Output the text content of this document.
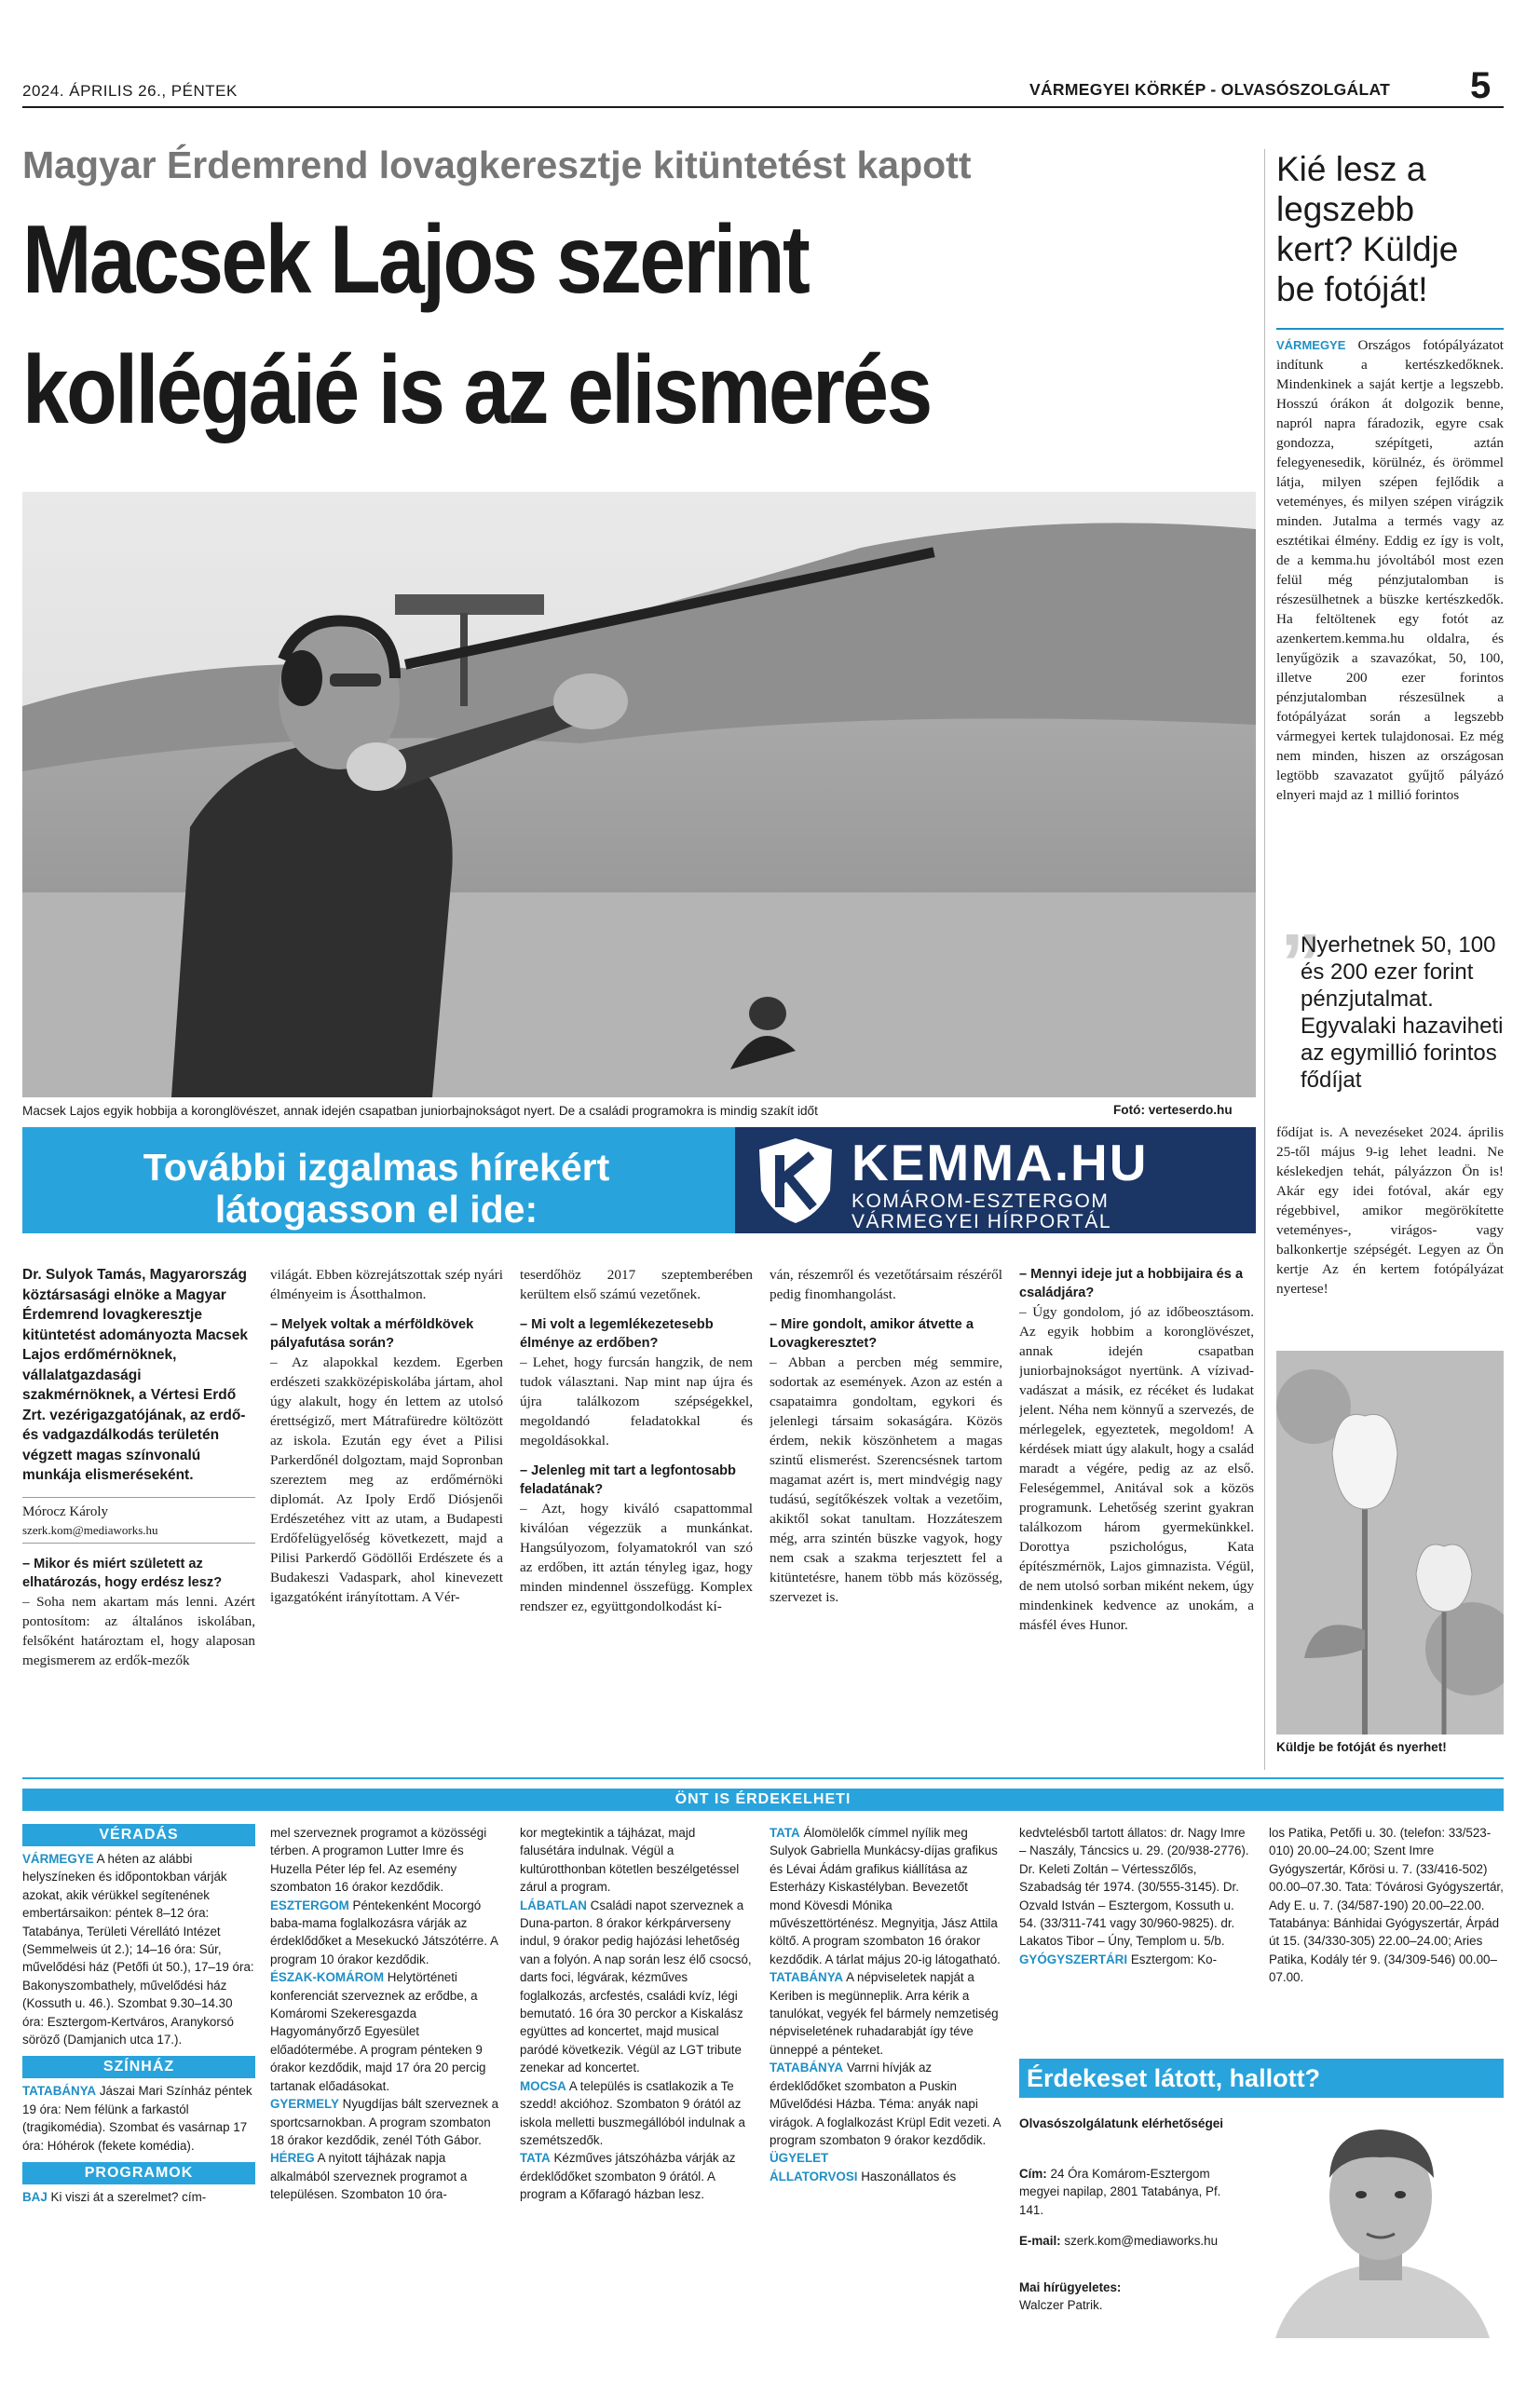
2024. ÁPRILIS 26., PÉNTEK	VÁRMEGYEI KÖRKÉP - OLVASÓSZOLGÁLAT 5
Magyar Érdemrend lovagkeresztje kitüntetést kapott
Macsek Lajos szerint
kollégáié is az elismerés
Macsek Lajos egyik hobbija a koronglövészet, annak idején csapatban juniorbajnokságot nyert. De a családi programokra is mindig szakít időt	Fotó: verteserdo.hu
További izgalmas hírekért
látogasson el ide:
KEMMA.HU
KOMÁROM-ESZTERGOM
VÁRMEGYEI HÍRPORTÁL

Dr. Sulyok Tamás, Magyarország köztársasági elnöke a Magyar Érdemrend lovagkeresztje kitüntetést adományozta Macsek Lajos erdőmérnöknek, vállalatgazdasági szakmérnöknek, a Vértesi Erdő Zrt. vezérigazgatójának, az erdő- és vadgazdálkodás területén végzett magas színvonalú munkája elismeréseként.

Mórocz Károly

szerk.kom@mediaworks.hu

– Mikor és miért született az elhatározás, hogy erdész lesz?

– Soha nem akartam más lenni. Azért pontosítom: az általános iskolában, felsőként határoztam el, hogy alaposan megismerem az erdők-mezők

világát. Ebben közrejátszottak szép nyári élményeim is Ásotthalmon.

– Melyek voltak a mérföldkövek pályafutása során?

– Az alapokkal kezdem. Egerben erdészeti szakközépiskolába jártam, ahol úgy alakult, hogy én lettem az utolsó érettségiző, mert Mátrafüredre költözött az iskola. Ezután egy évet a Pilisi Parkerdőnél dolgoztam, majd Sopronban szereztem meg az erdőmérnöki diplomát. Az Ipoly Erdő Diósjenői Erdészetéhez vitt az utam, a Budapesti Erdőfelügyelőség következett, majd a Pilisi Parkerdő Gödöllői Erdészete és a Budakeszi Vadaspark, ahol kinevezett igazgatóként irányítottam. A Vér-

teserdőhöz 2017 szeptemberében kerültem első számú vezetőnek.

– Mi volt a legemlékezetesebb élménye az erdőben?

– Lehet, hogy furcsán hangzik, de nem tudok választani. Nap mint nap újra és újra találkozom szépségekkel, megoldandó feladatokkal és megoldásokkal.

– Jelenleg mit tart a legfontosabb feladatának?

– Azt, hogy kiváló csapattommal kiválóan végezzük a munkánkat. Hangsúlyozom, folyamatokról van szó az erdőben, itt aztán tényleg igaz, hogy minden mindennel összefügg. Komplex rendszer ez, együttgondolkodást kí-

ván, részemről és vezetőtársaim részéről pedig finomhangolást.

– Mire gondolt, amikor átvette a Lovagkeresztet?

– Abban a percben még semmire, sodortak az események. Azon az estén a csapataimra gondoltam, egykori és jelenlegi társaim sokaságára. Közös érdem, nekik köszönhetem a magas szintű elismerést. Szerencsésnek tartom magamat azért is, mert mindvégig nagy tudású, segítőkészek voltak a vezetőim, akiktől sokat tanultam. Hozzáteszem még, arra szintén büszke vagyok, hogy nem csak a szakma terjesztett fel a kitüntetésre, hanem több más közösség, szervezet is.

– Mennyi ideje jut a hobbijaira és a családjára?

– Úgy gondolom, jó az időbeosztásom. Az egyik hobbim a koronglövészet, annak idején csapatban juniorbajnokságot nyertünk. A vízivad-vadászat a másik, ez récéket és ludakat jelent. Néha nem könnyű a szervezés, de mérlegelek, egyeztetek, megoldom! A kérdések miatt úgy alakult, hogy a család maradt a végére, pedig az az első. Feleségemmel, Anitával sok a közös programunk. Lehetőség szerint gyakran találkozom három gyermekünkkel. Dorottya pszichológus, Kata építészmérnök, Lajos gimnazista. Végül, de nem utolsó sorban miként nekem, úgy mindenkinek kedvence az unokám, a másfél éves Hunor.

Kié lesz a legszebb kert? Küldje be fotóját!

VÁRMEGYE Országos fotópályázatot indítunk a kertészkedőknek. Mindenkinek a saját kertje a legszebb. Hosszú órákon át dolgozik benne, napról napra fáradozik, egyre csak gondozza, szépítgeti, aztán felegyenesedik, körülnéz, és örömmel látja, milyen szépen fejlődik a veteményes, és milyen szépen virágzik minden. Jutalma a termés vagy az esztétikai élmény. Eddig ez így is volt, de a kemma.hu jóvoltából most ezen felül még pénzjutalomban is részesülhetnek a büszke kertészkedők. Ha feltöltenek egy fotót az azenkertem.kemma.hu oldalra, és lenyűgözik a szavazókat, 50, 100, illetve 200 ezer forintos pénzjutalomban részesülnek a fotópályázat során a legszebb vármegyei kertek tulajdonosai. Ez még nem minden, hiszen az országosan legtöbb szavazatot gyűjtő pályázó elnyeri majd az 1 millió forintos

”
Nyerhetnek 50, 100 és 200 ezer forint pénzjutalmat. Egyvalaki hazaviheti az egymillió forintos fődíjat

fődíjat is. A nevezéseket 2024. április 25-től május 9-ig lehet leadni. Ne késlekedjen tehát, pályázzon Ön is! Akár egy idei fotóval, akár egy régebbivel, amikor megörökítette veteményes-, virágos- vagy balkonkertje szépségét. Legyen az Ön kertje Az én kertem fotópályázat nyertese!

Küldje be fotóját és nyerhet!
ÖNT IS ÉRDEKELHETI
VÉRADÁS

VÁRMEGYE A héten az alábbi helyszíneken és időpontokban várják azokat, akik vérükkel segítenének embertársaikon: péntek 8–12 óra: Tatabánya, Területi Vérellátó Intézet (Semmelweis út 2.); 14–16 óra: Súr, művelődési ház (Petőfi út 50.), 17–19 óra: Bakonyszombathely, művelődési ház (Kossuth u. 46.). Szombat 9.30–14.30 óra: Esztergom-Kertváros, Aranykorsó söröző (Damjanich utca 17.).

SZÍNHÁZ

TATABÁNYA Jászai Mari Színház péntek 19 óra: Nem félünk a farkastól (tragikomédia). Szombat és vasárnap 17 óra: Hóhérok (fekete komédia).

PROGRAMOK

BAJ Ki viszi át a szerelmet? cím-

mel szerveznek programot a közösségi térben. A programon Lutter Imre és Huzella Péter lép fel. Az esemény szombaton 16 órakor kezdődik.

ESZTERGOM Péntekenként Mocorgó baba-mama foglalkozásra várják az érdeklődőket a Mesekuckó Játszótérre. A program 10 órakor kezdődik.

ÉSZAK-KOMÁROM Helytörténeti konferenciát szerveznek az erődbe, a Komáromi Szekeresgazda Hagyományőrző Egyesület előadótermébe. A program pénteken 9 órakor kezdődik, majd 17 óra 20 percig tartanak előadásokat.

GYERMELY Nyugdíjas bált szerveznek a sportcsarnokban. A program szombaton 18 órakor kezdődik, zenél Tóth Gábor.

HÉREG A nyitott tájházak napja alkalmából szerveznek programot a településen. Szombaton 10 óra-

kor megtekintik a tájházat, majd falusétára indulnak. Végül a kultúrotthonban kötetlen beszélgetéssel zárul a program.

LÁBATLAN Családi napot szerveznek a Duna-parton. 8 órakor kérkpárverseny indul, 9 órakor pedig hajózási lehetőség van a folyón. A nap során lesz élő csocsó, darts foci, légvárak, kézműves foglalkozás, arcfestés, családi kvíz, légi bemutató. 16 óra 30 perckor a Kiskalász együttes ad koncertet, majd musical paródé következik. Végül az LGT tribute zenekar ad koncertet.

MOCSA A település is csatlakozik a Te szedd! akcióhoz. Szombaton 9 órától az iskola melletti buszmegállóból indulnak a szemétszedők.

TATA Kézműves játszóházba várják az érdeklődőket szombaton 9 órától. A program a Kőfaragó házban lesz.

TATA Álomölelők címmel nyílik meg Sulyok Gabriella Munkácsy-díjas grafikus és Lévai Ádám grafikus kiállítása az Esterházy Kiskastélyban. Bevezetőt mond Kövesdi Mónika művészettörténész. Megnyitja, Jász Attila költő. A program szombaton 16 órakor kezdődik. A tárlat május 20-ig látogatható.

TATABÁNYA A népviseletek napját a Keriben is megünneplik. Arra kérik a tanulókat, vegyék fel bármely nemzetiség népviseletének ruhadarabját így téve ünneppé a pénteket.

TATABÁNYA Varrni hívják az érdeklődőket szombaton a Puskin Művelődési Házba. Téma: anyák napi virágok. A foglalkozást Krüpl Edit vezeti. A program szombaton 9 órakor kezdődik.

ÜGYELET

ÁLLATORVOSI Haszonállatos és

kedvtelésből tartott állatos: dr. Nagy Imre – Naszály, Táncsics u. 29. (20/938-2776). Dr. Keleti Zoltán – Vértesszőlős, Szabadság tér 1974. (30/555-3145). Dr. Ozvald István – Esztergom, Kossuth u. 54. (33/311-741 vagy 30/960-9825). dr. Lakatos Tibor – Úny, Templom u. 5/b.

GYÓGYSZERTÁRI Esztergom: Ko-

los Patika, Petőfi u. 30. (telefon: 33/523-010) 20.00–24.00; Szent Imre Gyógyszertár, Kőrösi u. 7. (33/416-502) 00.00–07.30. Tata: Tóvárosi Gyógyszertár, Ady E. u. 7. (34/587-190) 20.00–22.00. Tatabánya: Bánhidai Gyógyszertár, Árpád út 15. (34/330-305) 22.00–24.00; Aries Patika, Kodály tér 9. (34/309-546) 00.00–07.00.

Érdekeset látott, hallott?
Olvasószolgálatunk elérhetőségei
Cím: 24 Óra Komárom-Esztergom megyei napilap, 2801 Tatabánya, Pf. 141.
E-mail: szerk.kom@mediaworks.hu
Mai hírügyeletes:
Walczer Patrik.
